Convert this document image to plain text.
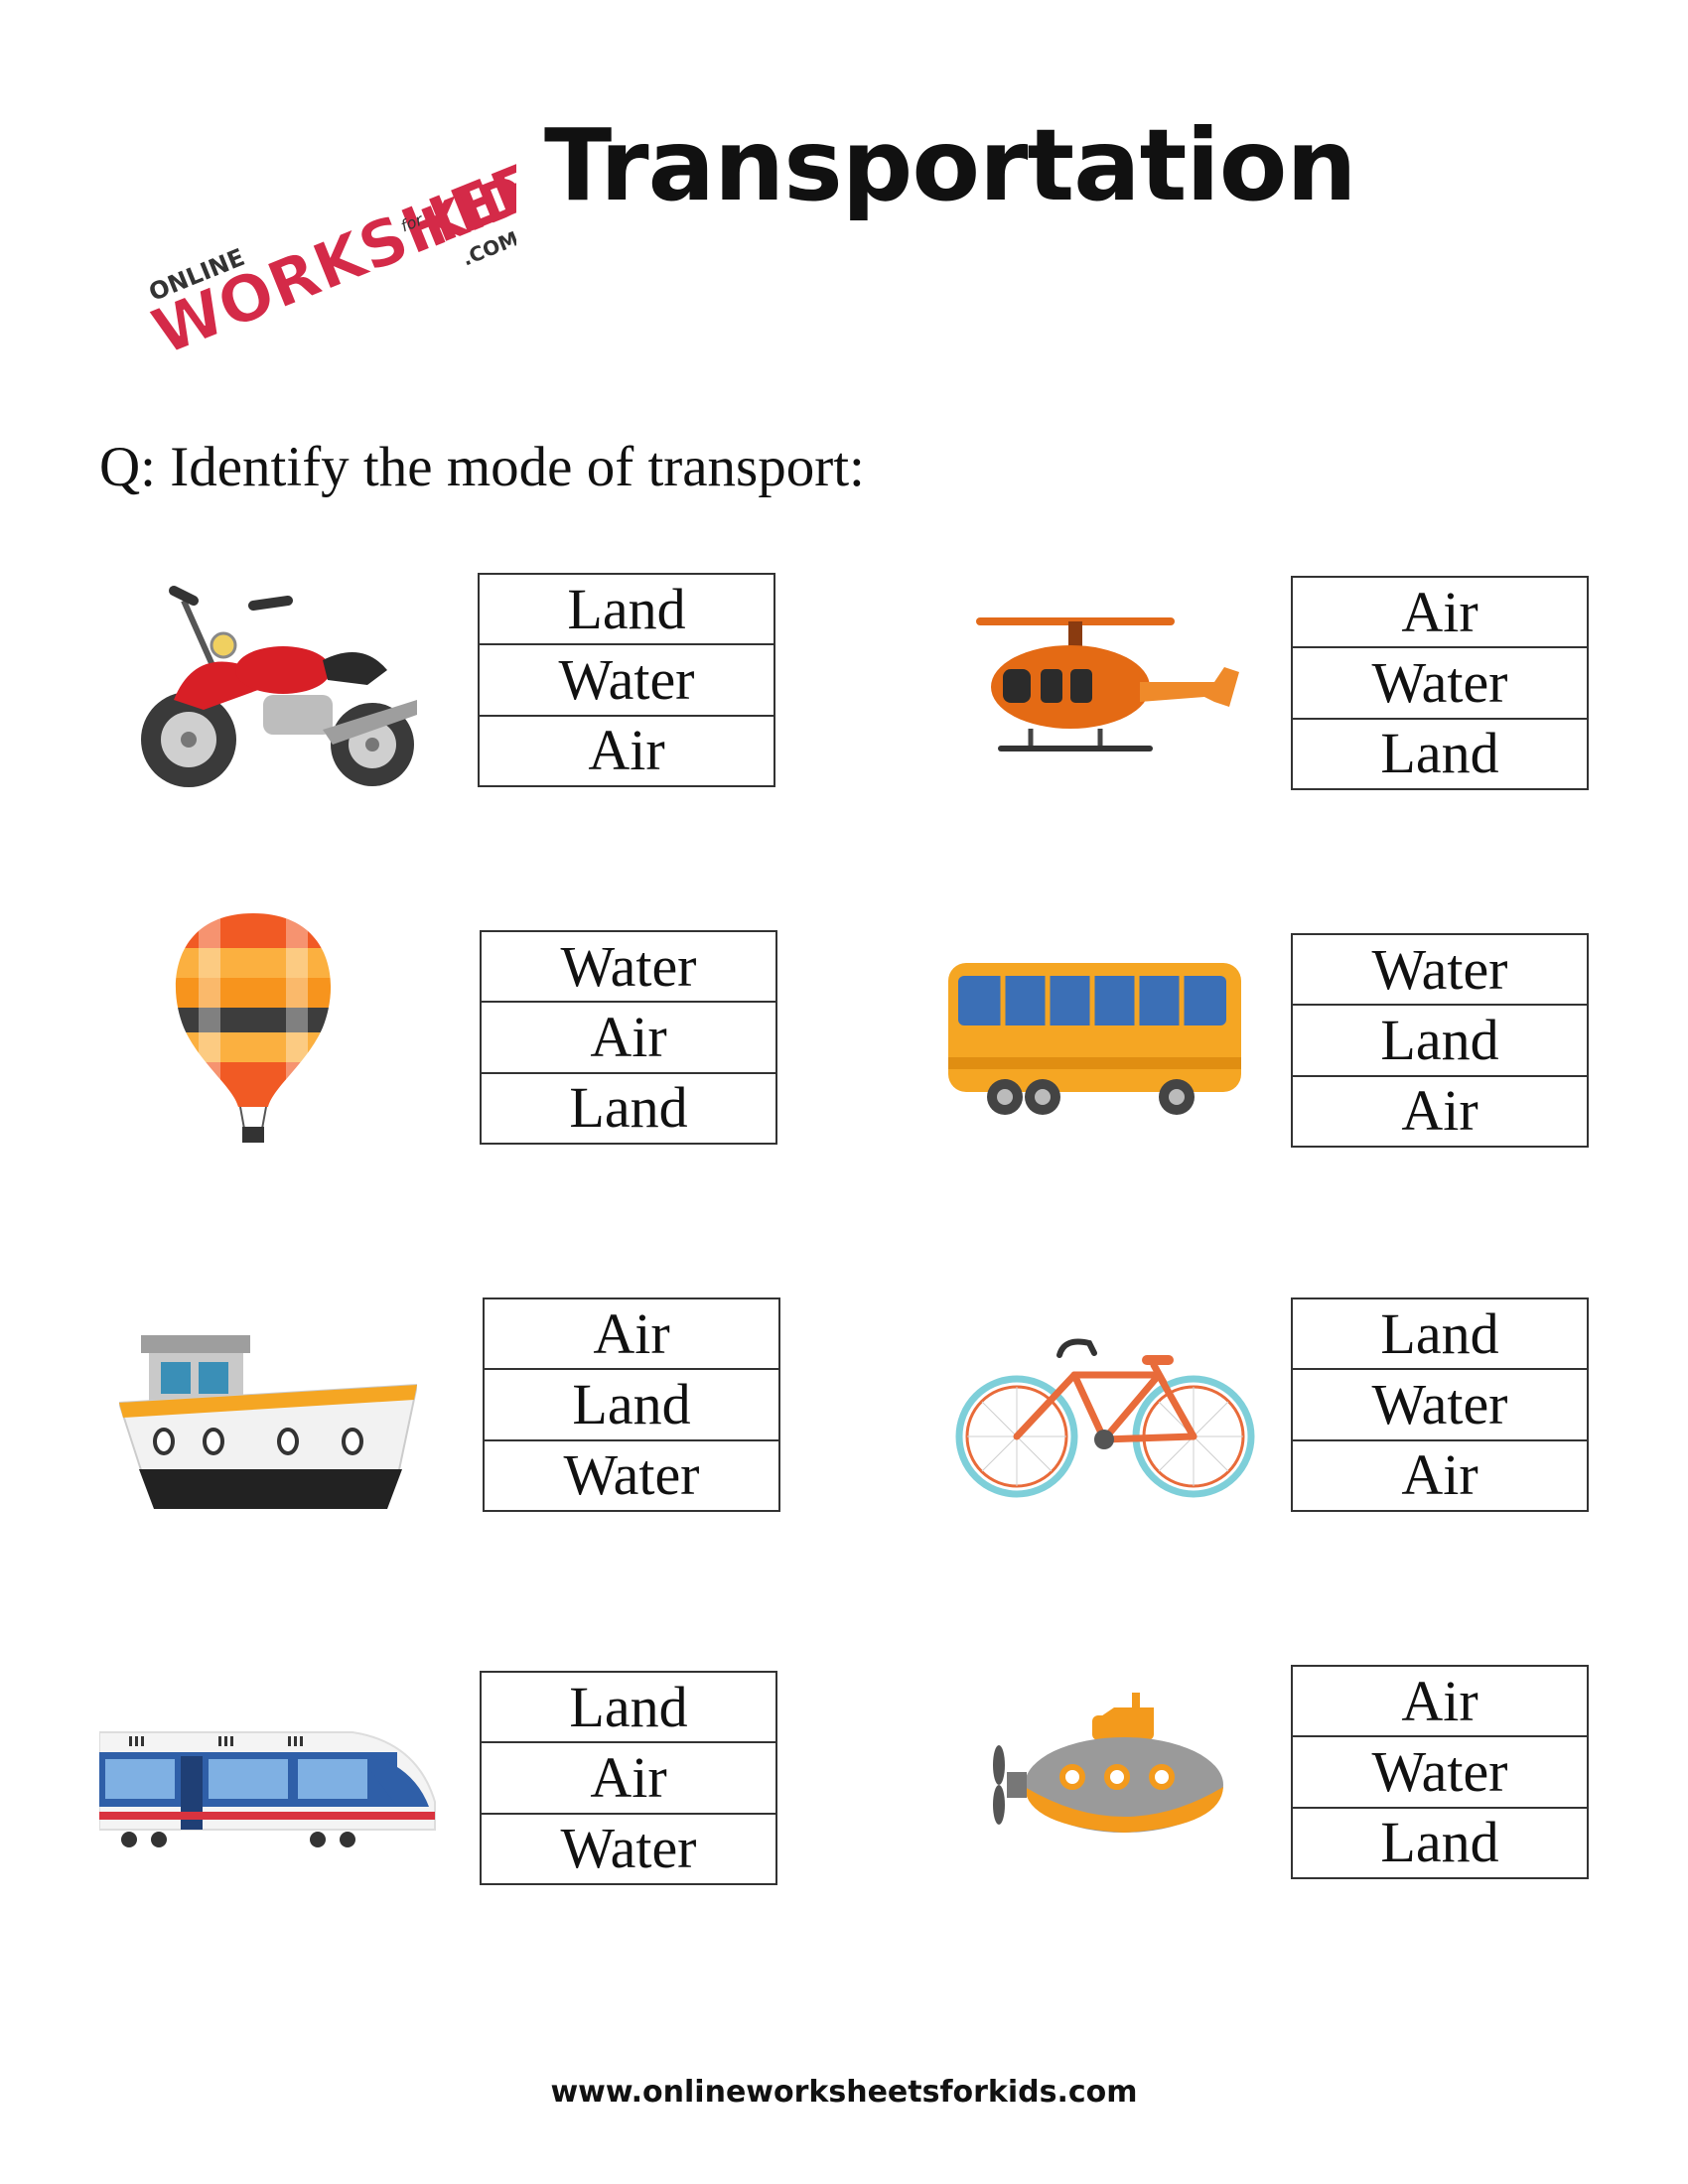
ONLINE
WORKSHEETS
for
KIDS
.COM
Transportation
Q: Identify the mode of transport:
Land
Water
Air
Air
Water
Land
Water
Air
Land
Water
Land
Air
Air
Land
Water
Land
Water
Air
Land
Air
Water
Air
Water
Land
www.onlineworksheetsforkids.com
